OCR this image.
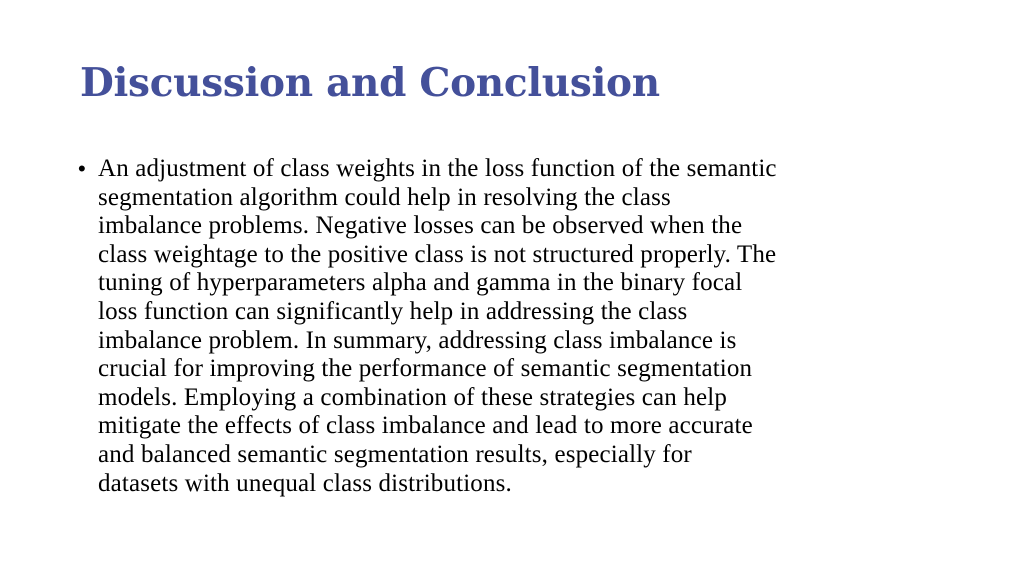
Discussion and Conclusion
• An adjustment of class weights in the loss function of the semantic
segmentation algorithm could help in resolving the class
imbalance problems. Negative losses can be observed when the
class weightage to the positive class is not structured properly. The
tuning of hyperparameters alpha and gamma in the binary focal
loss function can significantly help in addressing the class
imbalance problem. In summary, addressing class imbalance is
crucial for improving the performance of semantic segmentation
models. Employing a combination of these strategies can help
mitigate the effects of class imbalance and lead to more accurate
and balanced semantic segmentation results, especially for
datasets with unequal class distributions.
